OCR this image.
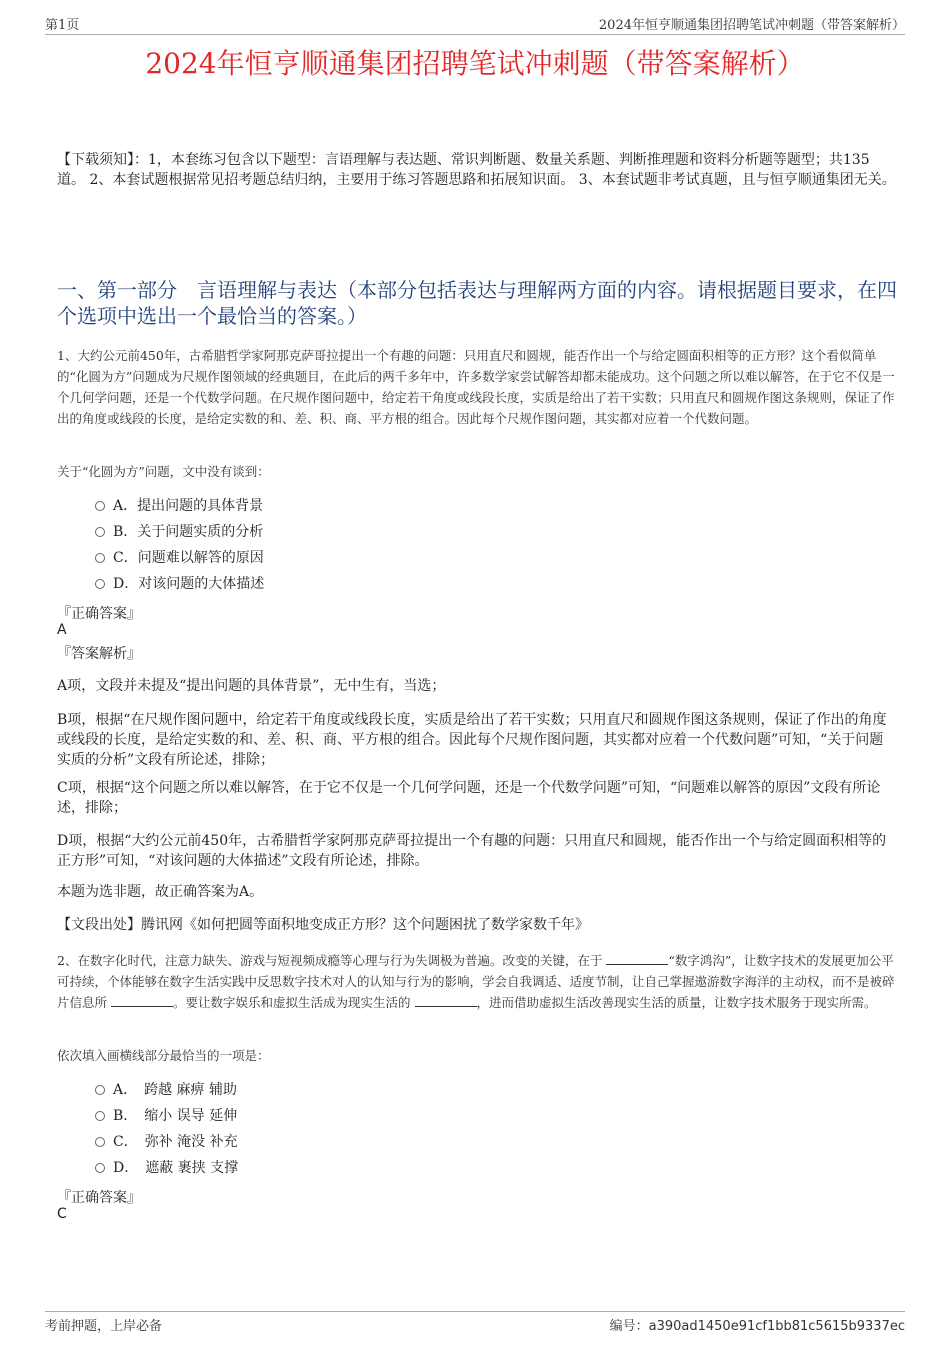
第1页	2024年恒亨顺通集团招聘笔试冲刺题（带答案解析）
2024年恒亨顺通集团招聘笔试冲刺题（带答案解析）
【下载须知】：1，本套练习包含以下题型：言语理解与表达题、常识判断题、数量关系题、判断推理题和资料分析题等题型；共135道。 2、本套试题根据常见招考题总结归纳，主要用于练习答题思路和拓展知识面。 3、本套试题非考试真题，且与恒亨顺通集团无关。
一、第一部分　言语理解与表达（本部分包括表达与理解两方面的内容。请根据题目要求，在四个选项中选出一个最恰当的答案。）
1、大约公元前450年，古希腊哲学家阿那克萨哥拉提出一个有趣的问题：只用直尺和圆规，能否作出一个与给定圆面积相等的正方形？这个看似简单的“化圆为方”问题成为尺规作图领域的经典题目，在此后的两千多年中，许多数学家尝试解答却都未能成功。这个问题之所以难以解答，在于它不仅是一个几何学问题，还是一个代数学问题。在尺规作图问题中，给定若干角度或线段长度，实质是给出了若干实数；只用直尺和圆规作图这条规则，保证了作出的角度或线段的长度，是给定实数的和、差、积、商、平方根的组合。因此每个尺规作图问题，其实都对应着一个代数问题。
关于“化圆为方”问题，文中没有谈到：
A．提出问题的具体背景
B．关于问题实质的分析
C．问题难以解答的原因
D．对该问题的大体描述
『正确答案』
A
『答案解析』
A项，文段并未提及“提出问题的具体背景”，无中生有，当选；
B项，根据“在尺规作图问题中，给定若干角度或线段长度，实质是给出了若干实数；只用直尺和圆规作图这条规则，保证了作出的角度或线段的长度，是给定实数的和、差、积、商、平方根的组合。因此每个尺规作图问题，其实都对应着一个代数问题”可知，“关于问题实质的分析”文段有所论述，排除；
C项，根据“这个问题之所以难以解答，在于它不仅是一个几何学问题，还是一个代数学问题”可知，“问题难以解答的原因”文段有所论述，排除；
D项，根据“大约公元前450年，古希腊哲学家阿那克萨哥拉提出一个有趣的问题：只用直尺和圆规，能否作出一个与给定圆面积相等的正方形”可知，“对该问题的大体描述”文段有所论述，排除。
本题为选非题，故正确答案为A。
【文段出处】腾讯网《如何把圆等面积地变成正方形？这个问题困扰了数学家数千年》
2、在数字化时代，注意力缺失、游戏与短视频成瘾等心理与行为失调极为普遍。改变的关键，在于	“数字鸿沟”，让数字技术的发展更加公平可持续，个体能够在数字生活实践中反思数字技术对人的认知与行为的影响，学会自我调适、适度节制，让自己掌握遨游数字海洋的主动权，而不是被碎片信息所	。要让数字娱乐和虚拟生活成为现实生活的	，进而借助虚拟生活改善现实生活的质量，让数字技术服务于现实所需。
依次填入画横线部分最恰当的一项是：
A．　跨越 麻痹 辅助
B．　缩小 误导 延伸
C．　弥补 淹没 补充
D．　遮蔽 裹挟 支撑
『正确答案』
C
考前押题，上岸必备	编号：a390ad1450e91cf1bb81c5615b9337ec
